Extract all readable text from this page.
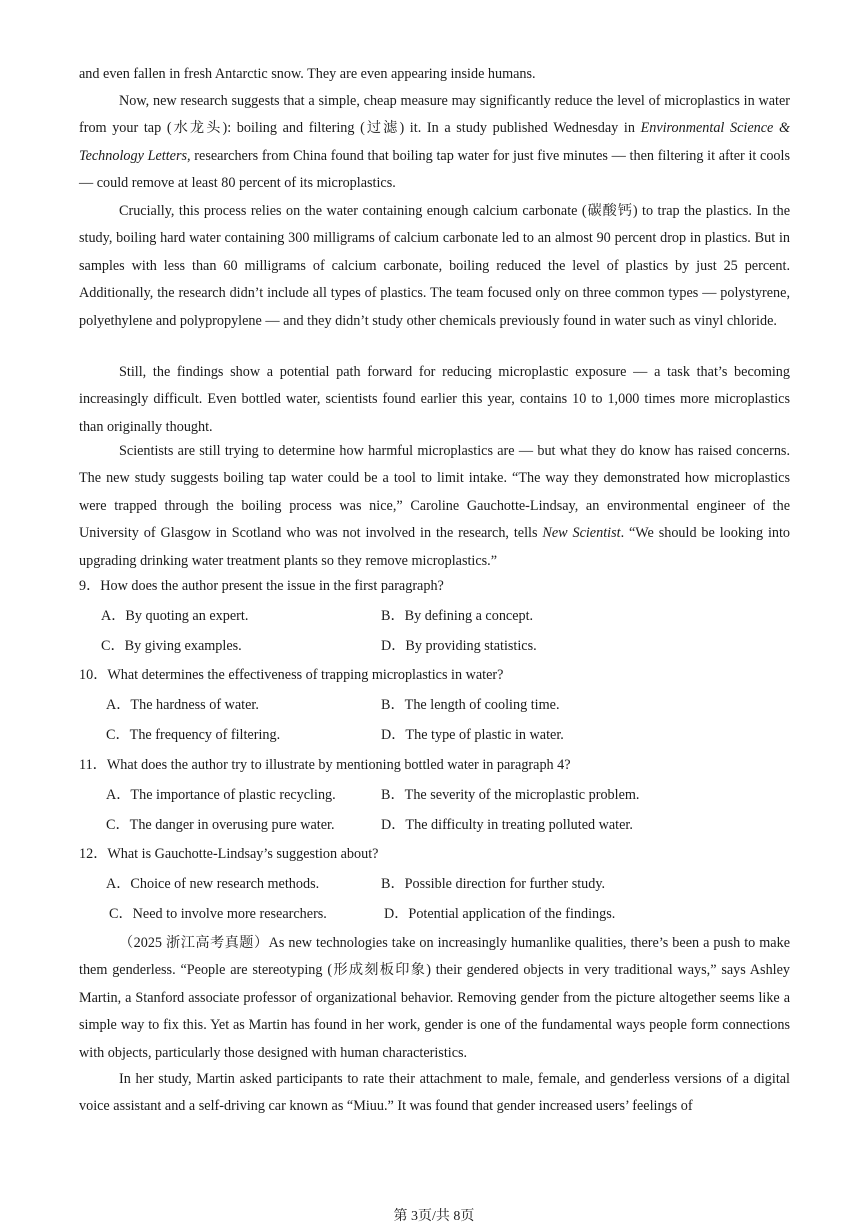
and even fallen in fresh Antarctic snow. They are even appearing inside humans.

Now, new research suggests that a simple, cheap measure may significantly reduce the level of microplastics in water from your tap (水龙头): boiling and filtering (过滤) it. In a study published Wednesday in Environmental Science & Technology Letters, researchers from China found that boiling tap water for just five minutes — then filtering it after it cools — could remove at least 80 percent of its microplastics.

Crucially, this process relies on the water containing enough calcium carbonate (碳酸钙) to trap the plastics. In the study, boiling hard water containing 300 milligrams of calcium carbonate led to an almost 90 percent drop in plastics. But in samples with less than 60 milligrams of calcium carbonate, boiling reduced the level of plastics by just 25 percent. Additionally, the research didn’t include all types of plastics. The team focused only on three common types — polystyrene, polyethylene and polypropylene — and they didn’t study other chemicals previously found in water such as vinyl chloride.

Still, the findings show a potential path forward for reducing microplastic exposure — a task that’s becoming increasingly difficult. Even bottled water, scientists found earlier this year, contains 10 to 1,000 times more microplastics than originally thought.

Scientists are still trying to determine how harmful microplastics are — but what they do know has raised concerns. The new study suggests boiling tap water could be a tool to limit intake. “The way they demonstrated how microplastics were trapped through the boiling process was nice,” Caroline Gauchotte-Lindsay, an environmental engineer of the University of Glasgow in Scotland who was not involved in the research, tells New Scientist. “We should be looking into upgrading drinking water treatment plants so they remove microplastics.”

9．How does the author present the issue in the first paragraph?

A．By quoting an expert.	B．By defining a concept.

C．By giving examples.	D．By providing statistics.

10．What determines the effectiveness of trapping microplastics in water?

A．The hardness of water.	B．The length of cooling time.

C．The frequency of filtering.	D．The type of plastic in water.

11．What does the author try to illustrate by mentioning bottled water in paragraph 4?

A．The importance of plastic recycling.	B．The severity of the microplastic problem.

C．The danger in overusing pure water.	D．The difficulty in treating polluted water.

12．What is Gauchotte-Lindsay’s suggestion about?

A．Choice of new research methods.	B．Possible direction for further study.

C．Need to involve more researchers.	D．Potential application of the findings.

（2025 浙江高考真题）As new technologies take on increasingly humanlike qualities, there’s been a push to make them genderless. “People are stereotyping (形成刻板印象) their gendered objects in very traditional ways,” says Ashley Martin, a Stanford associate professor of organizational behavior. Removing gender from the picture altogether seems like a simple way to fix this. Yet as Martin has found in her work, gender is one of the fundamental ways people form connections with objects, particularly those designed with human characteristics.

In her study, Martin asked participants to rate their attachment to male, female, and genderless versions of a digital voice assistant and a self-driving car known as “Miuu.” It was found that gender increased users’ feelings of

第 3页/共 8页
